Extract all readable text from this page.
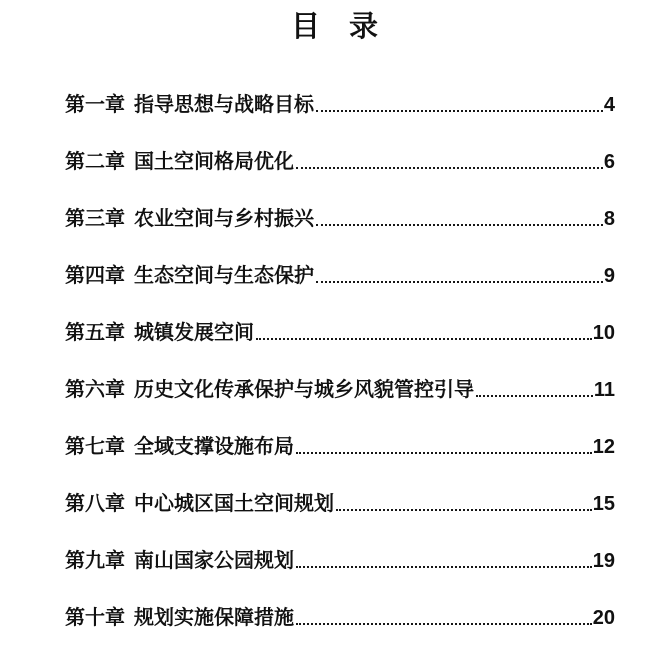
目　录
第一章 指导思想与战略目标	4
第二章 国土空间格局优化	6
第三章 农业空间与乡村振兴	8
第四章 生态空间与生态保护	9
第五章 城镇发展空间	10
第六章 历史文化传承保护与城乡风貌管控引导	11
第七章 全域支撑设施布局	12
第八章 中心城区国土空间规划	15
第九章 南山国家公园规划	19
第十章 规划实施保障措施	20
